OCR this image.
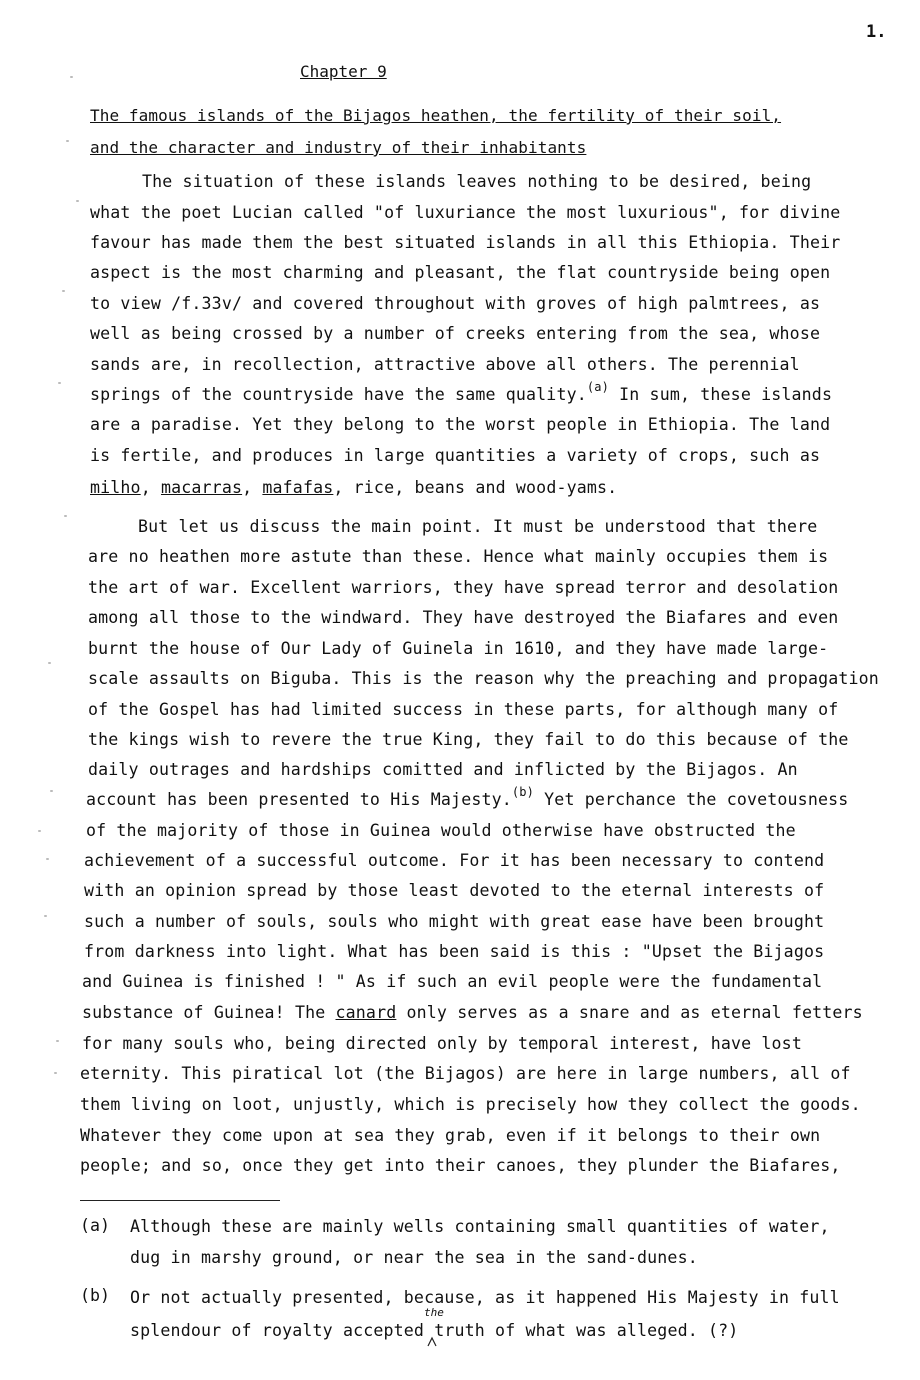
1.
Chapter 9
The famous islands of the Bijagos heathen, the fertility of their soil, and the character and industry of their inhabitants
The situation of these islands leaves nothing to be desired, being
what the poet Lucian called "of luxuriance the most luxurious", for divine
favour has made them the best situated islands in all this Ethiopia. Their
aspect is the most charming and pleasant, the flat countryside being open
to view /f.33v/ and covered throughout with groves of high palmtrees, as
well as being crossed by a number of creeks entering from the sea, whose
sands are, in recollection, attractive above all others. The perennial
springs of the countryside have the same quality.$^{(a)}$ In sum, these islands
are a paradise. Yet they belong to the worst people in Ethiopia. The land
is fertile, and produces in large quantities a variety of crops, such as
milho, macarras, mafafas, rice, beans and wood-yams.
But let us discuss the main point. It must be understood that there
are no heathen more astute than these. Hence what mainly occupies them is
the art of war. Excellent warriors, they have spread terror and desolation
among all those to the windward. They have destroyed the Biafares and even
burnt the house of Our Lady of Guinela in 1610, and they have made large-
scale assaults on Biguba. This is the reason why the preaching and propagation
of the Gospel has had limited success in these parts, for although many of
the kings wish to revere the true King, they fail to do this because of the
daily outrages and hardships comitted and inflicted by the Bijagos. An
account has been presented to His Majesty.$^{(b)}$ Yet perchance the covetousness
of the majority of those in Guinea would otherwise have obstructed the
achievement of a successful outcome. For it has been necessary to contend
with an opinion spread by those least devoted to the eternal interests of
such a number of souls, souls who might with great ease have been brought
from darkness into light. What has been said is this : "Upset the Bijagos
and Guinea is finished ! " As if such an evil people were the fundamental
substance of Guinea! The canard only serves as a snare and as eternal fetters
for many souls who, being directed only by temporal interest, have lost
eternity. This piratical lot (the Bijagos) are here in large numbers, all of
them living on loot, unjustly, which is precisely how they collect the goods.
Whatever they come upon at sea they grab, even if it belongs to their own
people; and so, once they get into their canoes, they plunder the Biafares,
(a) Although these are mainly wells containing small quantities of water,
dug in marshy ground, or near the sea in the sand-dunes.
(b) Or not actually presented, because, as it happened His Majesty in full
splendour of royalty accepted truth of what was alleged. (?)
the
